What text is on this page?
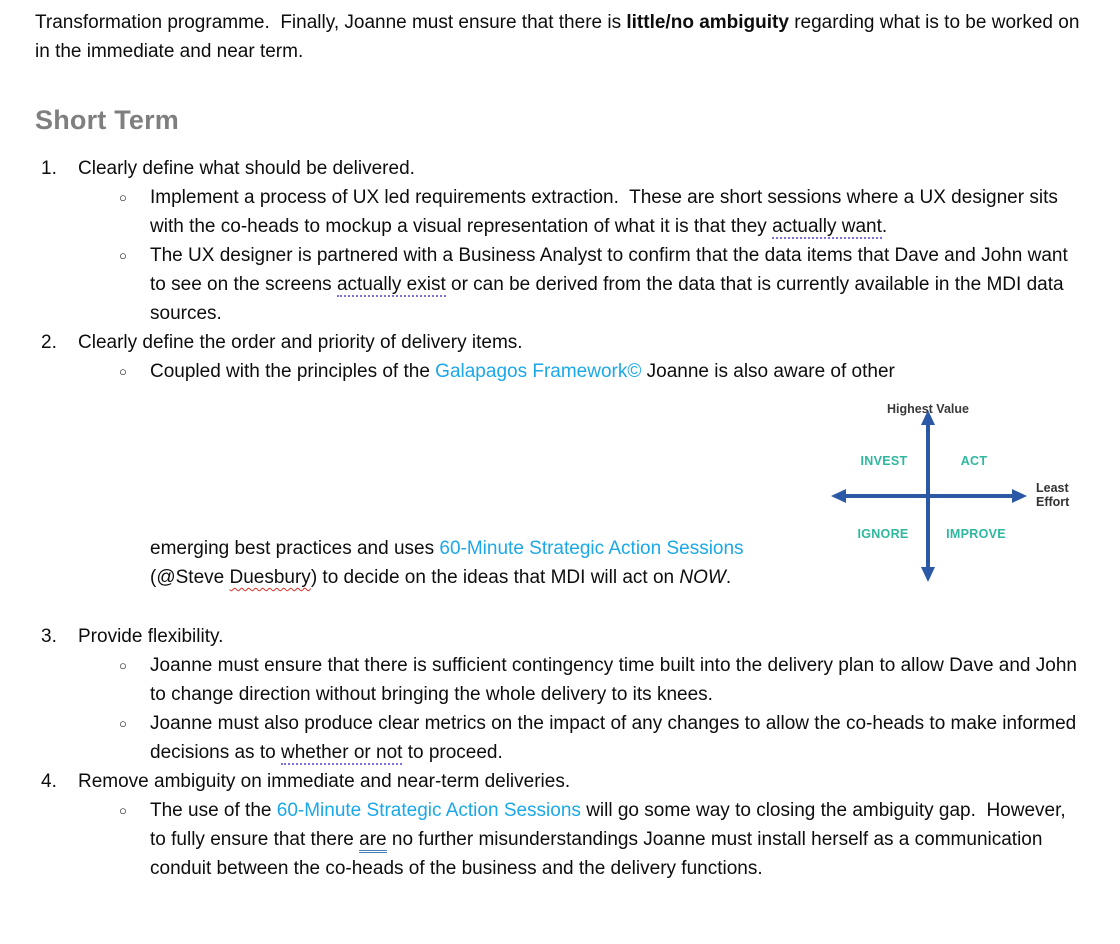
Transformation programme.  Finally, Joanne must ensure that there is little/no ambiguity regarding what is to be worked on in the immediate and near term.

Short Term
1.	Clearly define what should be delivered.
○	Implement a process of UX led requirements extraction.  These are short sessions where a UX designer sits with the co-heads to mockup a visual representation of what it is that they actually want.
○	The UX designer is partnered with a Business Analyst to confirm that the data items that Dave and John want to see on the screens actually exist or can be derived from the data that is currently available in the MDI data sources.
2.	Clearly define the order and priority of delivery items.
○	Coupled with the principles of the Galapagos Framework© Joanne is also aware of other
emerging best practices and uses 60-Minute Strategic Action Sessions
(@Steve Duesbury) to decide on the ideas that MDI will act on NOW.
3.	Provide flexibility.
○	Joanne must ensure that there is sufficient contingency time built into the delivery plan to allow Dave and John to change direction without bringing the whole delivery to its knees.
○	Joanne must also produce clear metrics on the impact of any changes to allow the co-heads to make informed decisions as to whether or not to proceed.
4.	Remove ambiguity on immediate and near-term deliveries.
○	The use of the 60-Minute Strategic Action Sessions will go some way to closing the ambiguity gap.  However, to fully ensure that there are no further misunderstandings Joanne must install herself as a communication conduit between the co-heads of the business and the delivery functions.
Highest Value
INVEST	ACT
IGNORE	IMPROVE
Least
Effort
